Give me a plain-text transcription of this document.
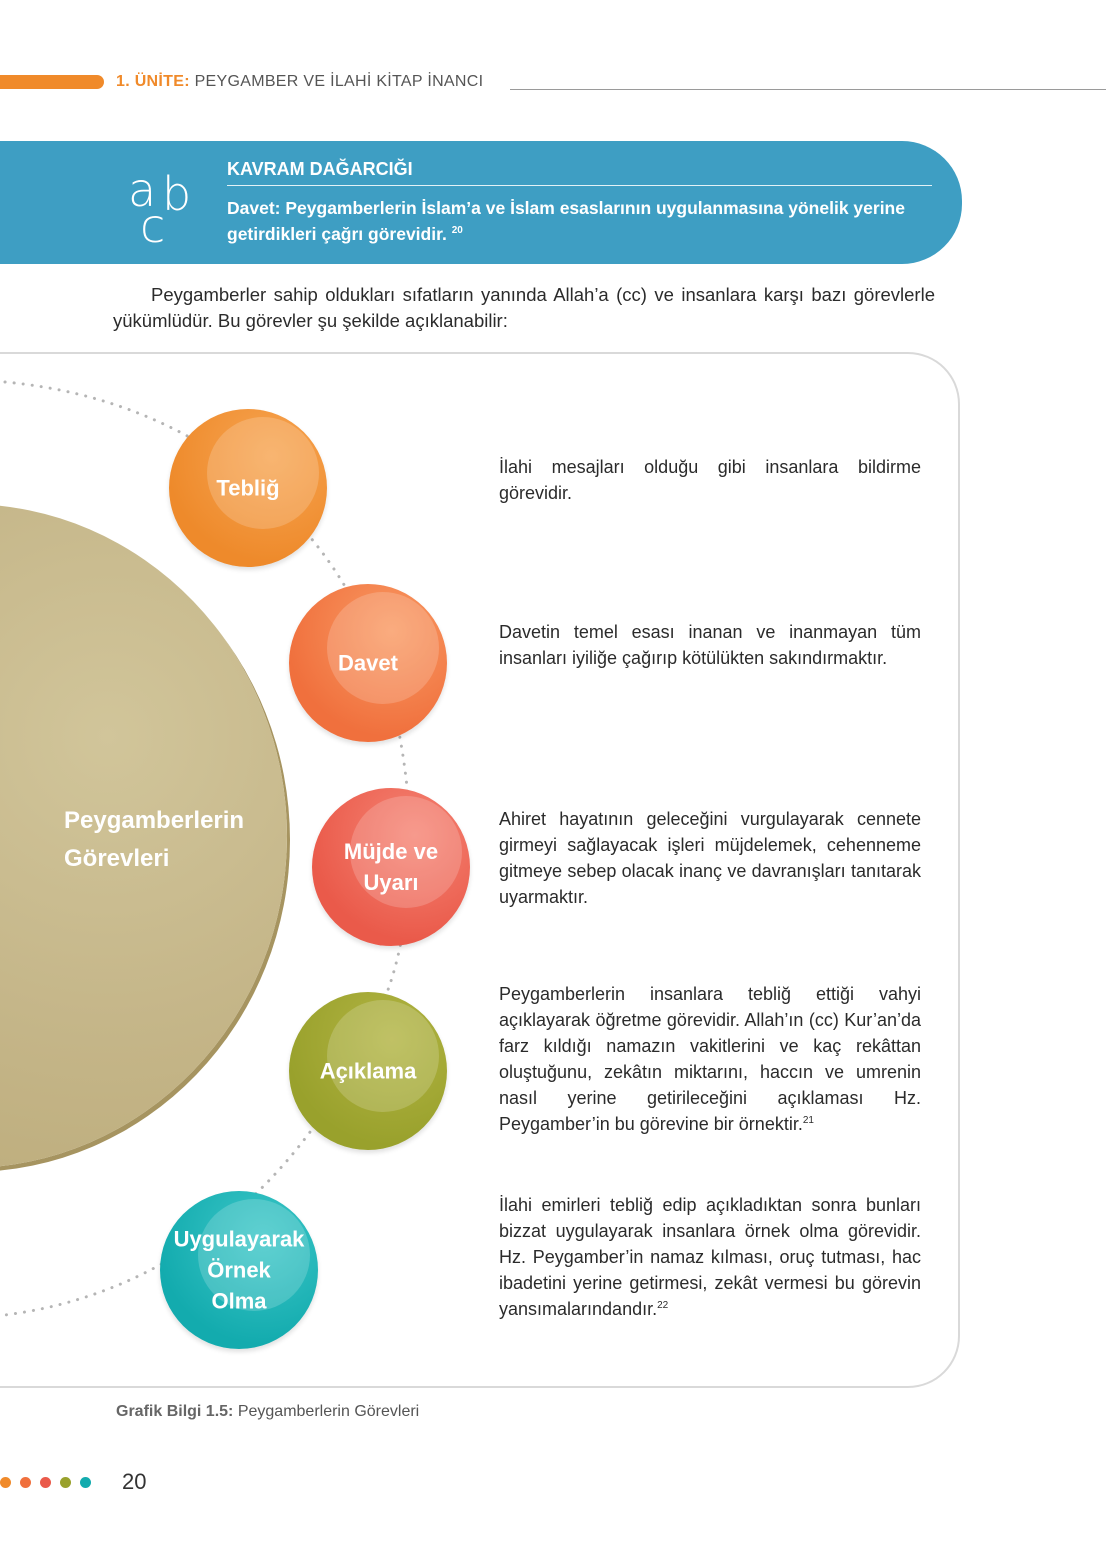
1. ÜNİTE: PEYGAMBER VE İLAHİ KİTAP İNANCI
a b
c
KAVRAM DAĞARCIĞI
Davet: Peygamberlerin İslam’a ve İslam esaslarının uygulanmasına yönelik yerine getirdikleri çağrı görevidir. $^{20}$
Peygamberler sahip oldukları sıfatların yanında Allah’a (cc) ve insanlara karşı bazı görevlerle yükümlüdür. Bu görevler şu şekilde açıklanabilir:
Peygamberlerin
Görevleri
Tebliğ
Davet
Müjde ve
Uyarı
Açıklama
Uygulayarak
Örnek
Olma
İlahi mesajları olduğu gibi insanlara bildirme görevidir.
Davetin temel esası inanan ve inanmayan tüm insanları iyiliğe çağırıp kötülükten sakındırmaktır.
Ahiret hayatının geleceğini vurgulayarak cennete girmeyi sağlayacak işleri müjdelemek, cehenneme gitmeye sebep olacak inanç ve davranışları tanıtarak uyarmaktır.
Peygamberlerin insanlara tebliğ ettiği vahyi açıklayarak öğretme görevidir. Allah’ın (cc) Kur’an’da farz kıldığı namazın vakitlerini ve kaç rekâttan oluştuğunu, zekâtın miktarını, haccın ve umrenin nasıl yerine getirileceğini açıklaması Hz. Peygamber’in bu görevine bir örnektir.$^{21}$
İlahi emirleri tebliğ edip açıkladıktan sonra bunları bizzat uygulayarak insanlara örnek olma görevidir. Hz. Peygamber’in namaz kılması, oruç tutması, hac ibadetini yerine getirmesi, zekât vermesi bu görevin yansımalarındandır.$^{22}$
Grafik Bilgi 1.5: Peygamberlerin Görevleri
20
